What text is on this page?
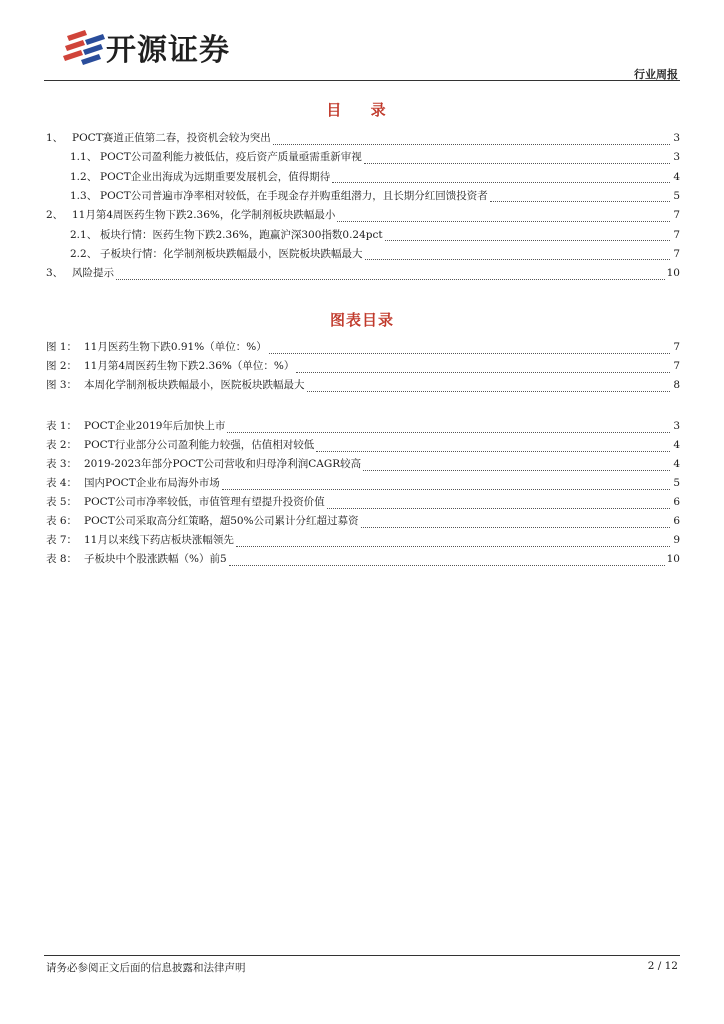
开源证券
行业周报
目 录
1、 POCT赛道正值第二春，投资机会较为突出	3
1.1、 POCT公司盈利能力被低估，疫后资产质量亟需重新审视	3
1.2、 POCT企业出海成为远期重要发展机会，值得期待	4
1.3、 POCT公司普遍市净率相对较低，在手现金存并购重组潜力，且长期分红回馈投资者	5
2、 11月第4周医药生物下跌2.36%，化学制剂板块跌幅最小	7
2.1、 板块行情：医药生物下跌2.36%，跑赢沪深300指数0.24pct	7
2.2、 子板块行情：化学制剂板块跌幅最小，医院板块跌幅最大	7
3、 风险提示	10
图表目录
图 1： 11月医药生物下跌0.91%（单位：%）	7
图 2： 11月第4周医药生物下跌2.36%（单位：%）	7
图 3： 本周化学制剂板块跌幅最小，医院板块跌幅最大	8
表 1： POCT企业2019年后加快上市	3
表 2： POCT行业部分公司盈利能力较强，估值相对较低	4
表 3： 2019-2023年部分POCT公司营收和归母净利润CAGR较高	4
表 4： 国内POCT企业布局海外市场	5
表 5： POCT公司市净率较低，市值管理有望提升投资价值	6
表 6： POCT公司采取高分红策略，超50%公司累计分红超过募资	6
表 7： 11月以来线下药店板块涨幅领先	9
表 8： 子板块中个股涨跌幅（%）前5	10
请务必参阅正文后面的信息披露和法律声明	2 / 12
